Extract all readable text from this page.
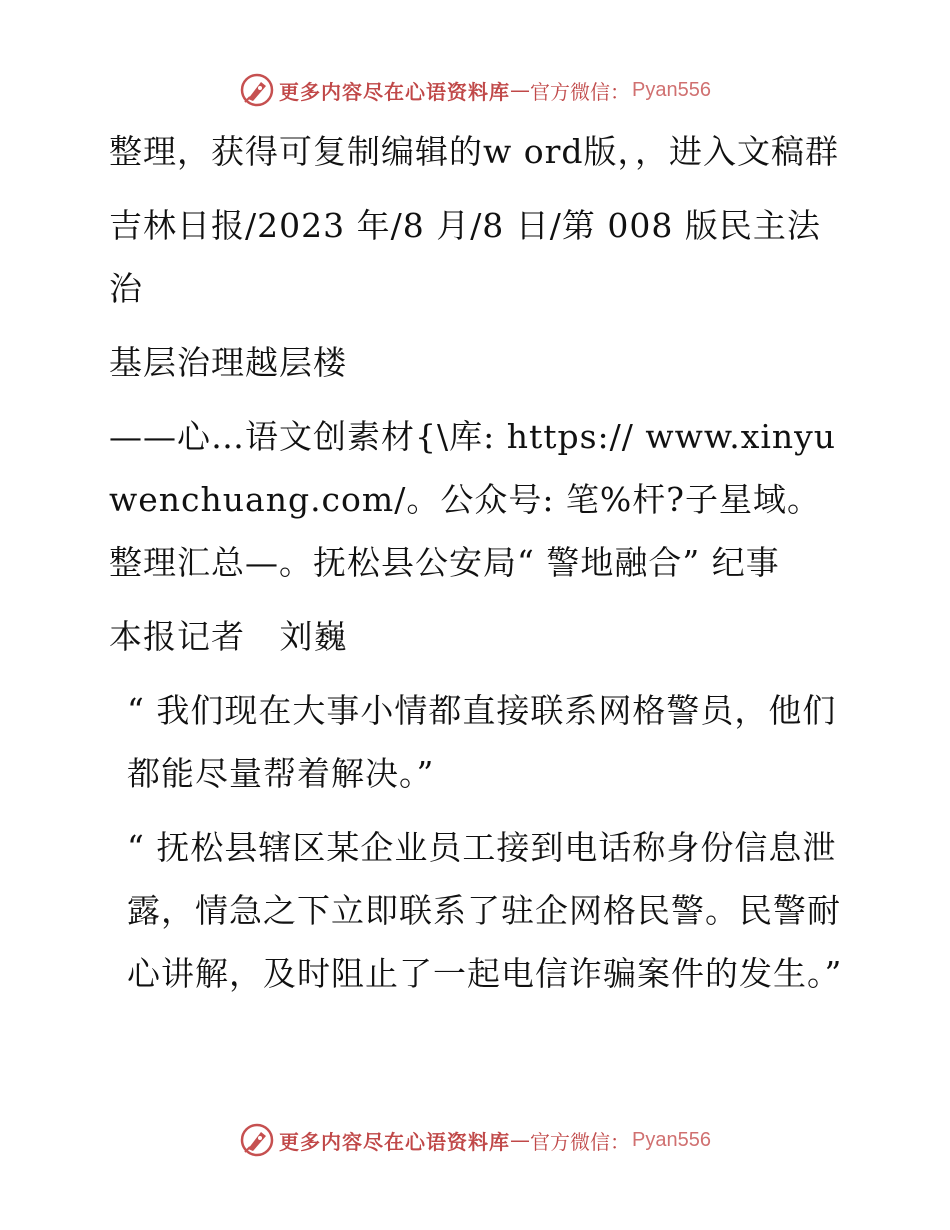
更多内容尽在心语资料库 — 官方微信： Pyan556

整理，获得可复制编辑的w ord版，，进入文稿群

吉林日报/2023 年/8 月/8 日/第 008 版民主法治

基层治理越层楼

——心…语文创素材{\库: https:// www.xinyuwenchuang.com/。公众号: 笔%杆?子星域。整理汇总—。抚松县公安局“ 警地融合” 纪事

本报记者   刘巍

“ 我们现在大事小情都直接联系网格警员，他们都能尽量帮着解决。”

“ 抚松县辖区某企业员工接到电话称身份信息泄露，情急之下立即联系了驻企网格民警。民警耐心讲解，及时阻止了一起电信诈骗案件的发生。”

更多内容尽在心语资料库 — 官方微信： Pyan556
